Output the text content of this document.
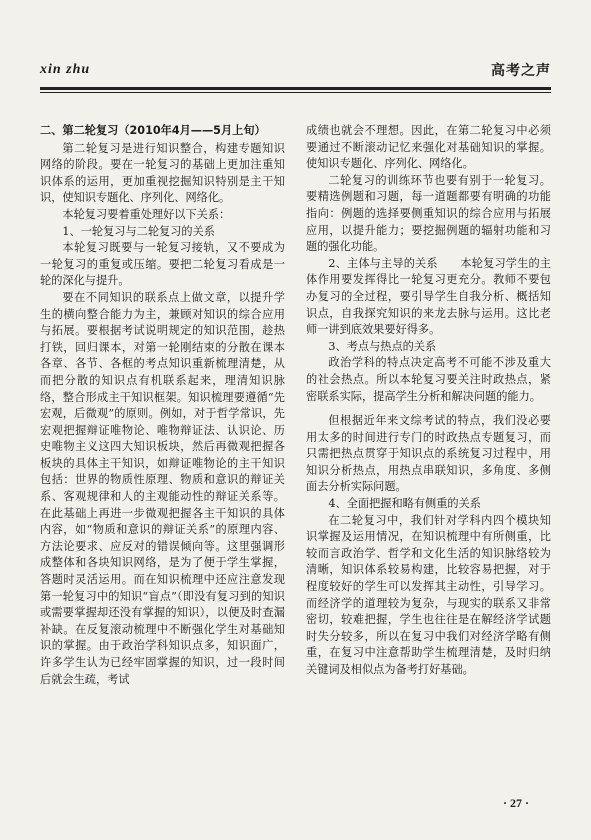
xin zhu	高考之声

二、第二轮复习（2010年4月——5月上旬）

第二轮复习是进行知识整合，构建专题知识网络的阶段。要在一轮复习的基础上更加注重知识体系的运用，更加重视挖掘知识特别是主干知识，使知识专题化、序列化、网络化。

本轮复习要着重处理好以下关系：

1、一轮复习与二轮复习的关系

本轮复习既要与一轮复习接轨，又不要成为一轮复习的重复或压缩。要把二轮复习看成是一轮的深化与提升。

要在不同知识的联系点上做文章，以提升学生的横向整合能力为主，兼顾对知识的综合应用与拓展。要根据考试说明规定的知识范围，趁热打铁，回归课本，对第一轮刚结束的分散在课本各章、各节、各框的考点知识重新梳理清楚，从而把分散的知识点有机联系起来，理清知识脉络，整合形成主干知识框架。知识梳理要遵循“先宏观，后微观”的原则。例如，对于哲学常识，先宏观把握辩证唯物论、唯物辩证法、认识论、历史唯物主义这四大知识板块，然后再微观把握各板块的具体主干知识，如辩证唯物论的主干知识包括：世界的物质性原理、物质和意识的辩证关系、客观规律和人的主观能动性的辩证关系等。在此基础上再进一步微观把握各主干知识的具体内容，如“物质和意识的辩证关系”的原理内容、方法论要求、应反对的错误倾向等。这里强调形成整体和各块知识网络，是为了便于学生掌握，答题时灵活运用。而在知识梳理中还应注意发现第一轮复习中的知识“盲点”（即没有复习到的知识或需要掌握却还没有掌握的知识），以便及时查漏补缺。在反复滚动梳理中不断强化学生对基础知识的掌握。由于政治学科知识点多，知识面广，许多学生认为已经牢固掌握的知识，过一段时间后就会生疏，考试

成绩也就会不理想。因此，在第二轮复习中必须要通过不断滚动记忆来强化对基础知识的掌握。使知识专题化、序列化、网络化。

二轮复习的训练环节也要有别于一轮复习。要精选例题和习题，每一道题都要有明确的功能指向：例题的选择要侧重知识的综合应用与拓展应用，以提升能力；要挖掘例题的辐射功能和习题的强化功能。

2、主体与主导的关系　　本轮复习学生的主体作用要发挥得比一轮复习更充分。教师不要包办复习的全过程，要引导学生自我分析、概括知识点，自我探究知识的来龙去脉与运用。这比老师一讲到底效果要好得多。

3、考点与热点的关系

政治学科的特点决定高考不可能不涉及重大的社会热点。所以本轮复习要关注时政热点，紧密联系实际，提高学生分析和解决问题的能力。

但根据近年来文综考试的特点，我们没必要用太多的时间进行专门的时政热点专题复习，而只需把热点贯穿于知识点的系统复习过程中，用知识分析热点，用热点串联知识，多角度、多侧面去分析实际问题。

4、全面把握和略有侧重的关系

在二轮复习中，我们针对学科内四个模块知识掌握及运用情况，在知识梳理中有所侧重，比较而言政治学、哲学和文化生活的知识脉络较为清晰，知识体系较易构建，比较容易把握，对于程度较好的学生可以发挥其主动性，引导学习。而经济学的道理较为复杂，与现实的联系又非常密切，较难把握，学生也往往是在解经济学试题时失分较多，所以在复习中我们对经济学略有侧重，在复习中注意帮助学生梳理清楚，及时归纳关键词及相似点为备考打好基础。

· 27 ·
